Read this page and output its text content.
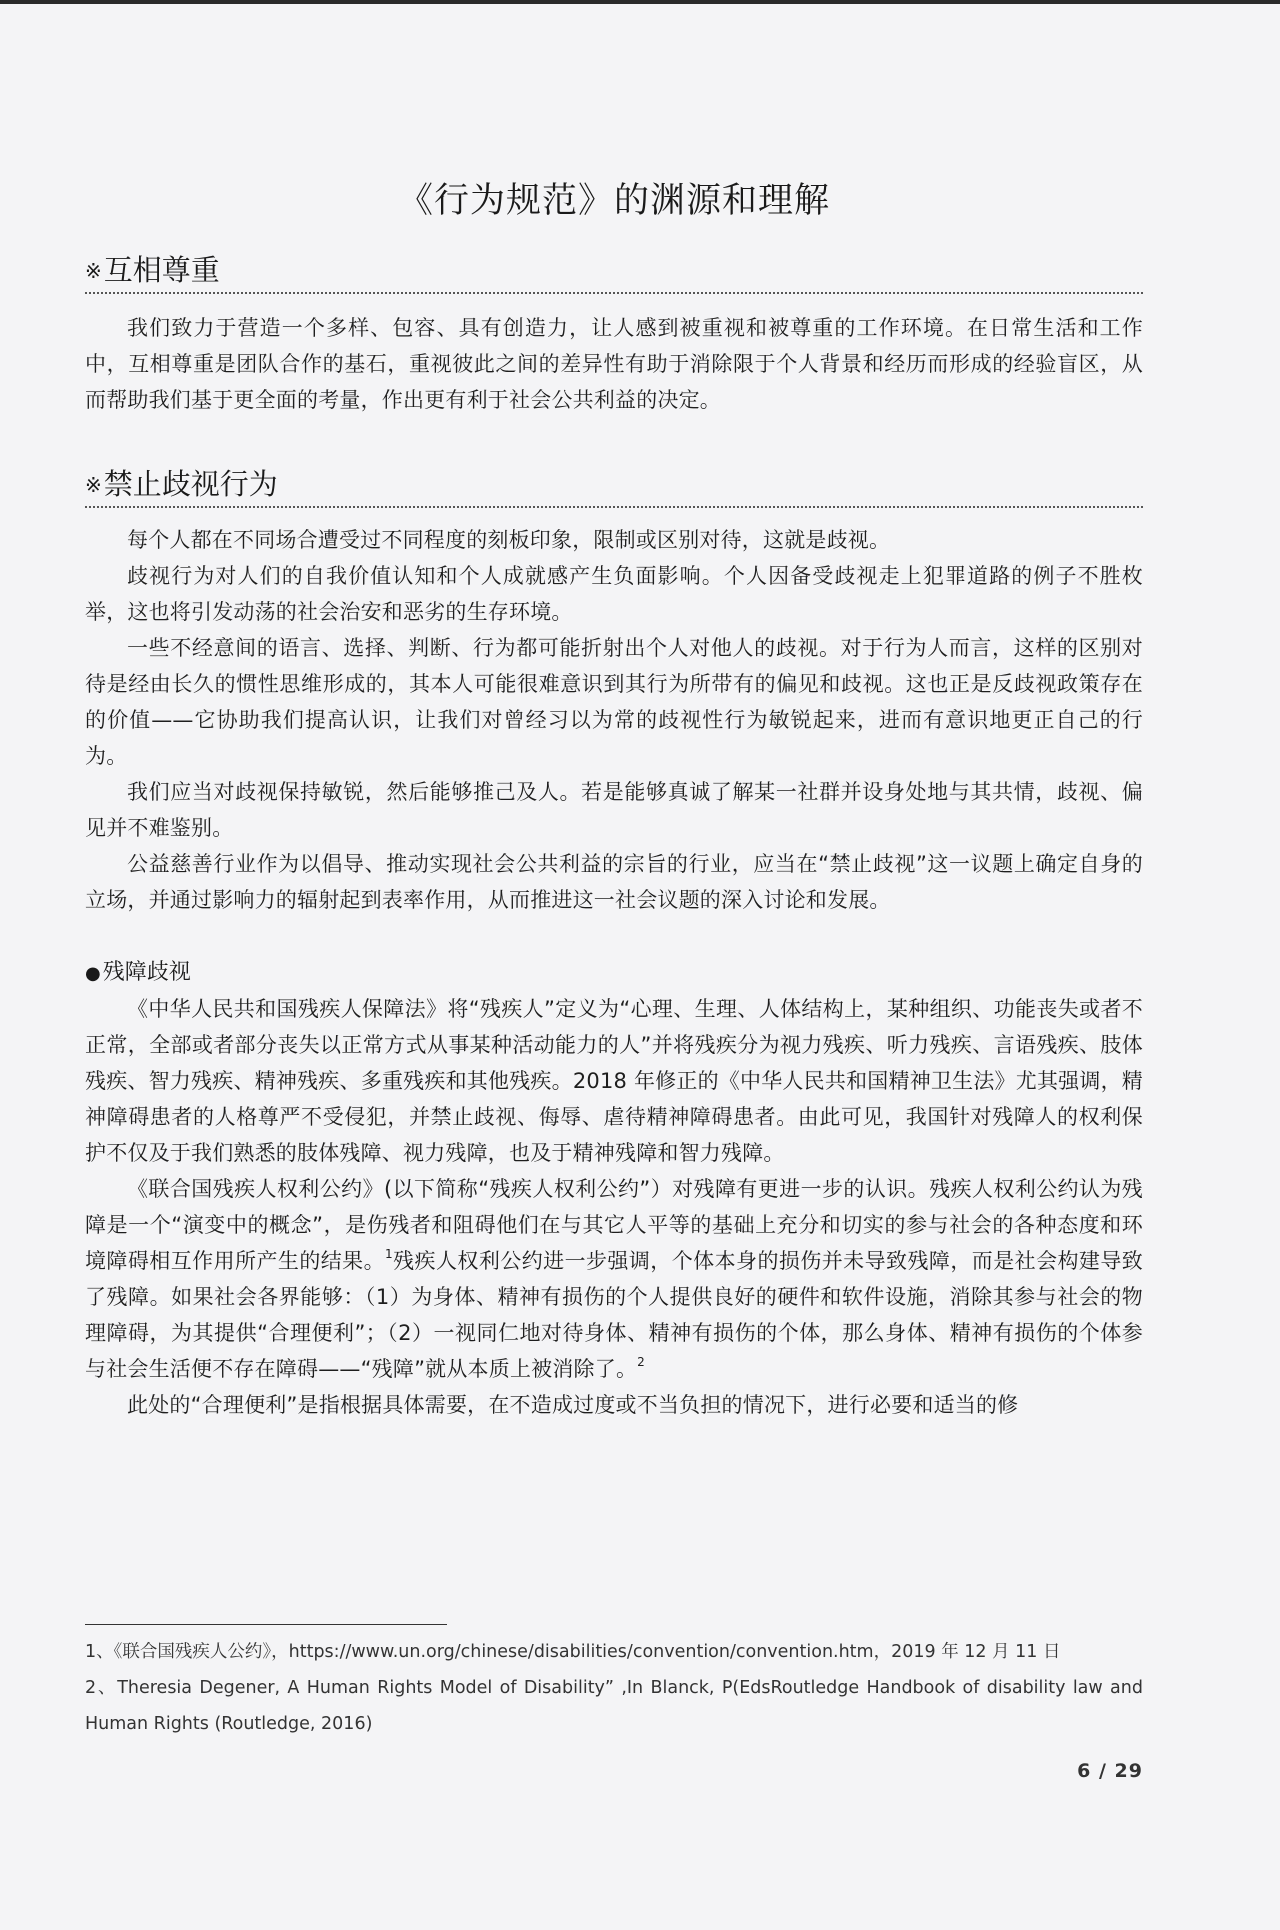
《行为规范》的渊源和理解
※互相尊重

我们致力于营造一个多样、包容、具有创造力，让人感到被重视和被尊重的工作环境。在日常生活和工作中，互相尊重是团队合作的基石，重视彼此之间的差异性有助于消除限于个人背景和经历而形成的经验盲区，从而帮助我们基于更全面的考量，作出更有利于社会公共利益的决定。

※禁止歧视行为

每个人都在不同场合遭受过不同程度的刻板印象，限制或区别对待，这就是歧视。

歧视行为对人们的自我价值认知和个人成就感产生负面影响。个人因备受歧视走上犯罪道路的例子不胜枚举，这也将引发动荡的社会治安和恶劣的生存环境。

一些不经意间的语言、选择、判断、行为都可能折射出个人对他人的歧视。对于行为人而言，这样的区别对待是经由长久的惯性思维形成的，其本人可能很难意识到其行为所带有的偏见和歧视。这也正是反歧视政策存在的价值——它协助我们提高认识，让我们对曾经习以为常的歧视性行为敏锐起来，进而有意识地更正自己的行为。

我们应当对歧视保持敏锐，然后能够推己及人。若是能够真诚了解某一社群并设身处地与其共情，歧视、偏见并不难鉴别。

公益慈善行业作为以倡导、推动实现社会公共利益的宗旨的行业，应当在“禁止歧视”这一议题上确定自身的立场，并通过影响力的辐射起到表率作用，从而推进这一社会议题的深入讨论和发展。

●残障歧视

《中华人民共和国残疾人保障法》将“残疾人”定义为“心理、生理、人体结构上，某种组织、功能丧失或者不正常，全部或者部分丧失以正常方式从事某种活动能力的人”并将残疾分为视力残疾、听力残疾、言语残疾、肢体残疾、智力残疾、精神残疾、多重残疾和其他残疾。2018 年修正的《中华人民共和国精神卫生法》尤其强调，精神障碍患者的人格尊严不受侵犯，并禁止歧视、侮辱、虐待精神障碍患者。由此可见，我国针对残障人的权利保护不仅及于我们熟悉的肢体残障、视力残障，也及于精神残障和智力残障。

《联合国残疾人权利公约》(以下简称“残疾人权利公约”）对残障有更进一步的认识。残疾人权利公约认为残障是一个“演变中的概念”，是伤残者和阻碍他们在与其它人平等的基础上充分和切实的参与社会的各种态度和环境障碍相互作用所产生的结果。$^1$残疾人权利公约进一步强调，个体本身的损伤并未导致残障，而是社会构建导致了残障。如果社会各界能够：（1）为身体、精神有损伤的个人提供良好的硬件和软件设施，消除其参与社会的物理障碍，为其提供“合理便利”；（2）一视同仁地对待身体、精神有损伤的个体，那么身体、精神有损伤的个体参与社会生活便不存在障碍——“残障”就从本质上被消除了。$^2$

此处的“合理便利”是指根据具体需要，在不造成过度或不当负担的情况下，进行必要和适当的修

1、《联合国残疾人公约》，https://www.un.org/chinese/disabilities/convention/convention.htm，2019 年 12 月 11 日

2、Theresia Degener, A Human Rights Model of Disability” ,In Blanck, P(EdsRoutledge Handbook of disability law and Human Rights (Routledge, 2016)

6 / 29
